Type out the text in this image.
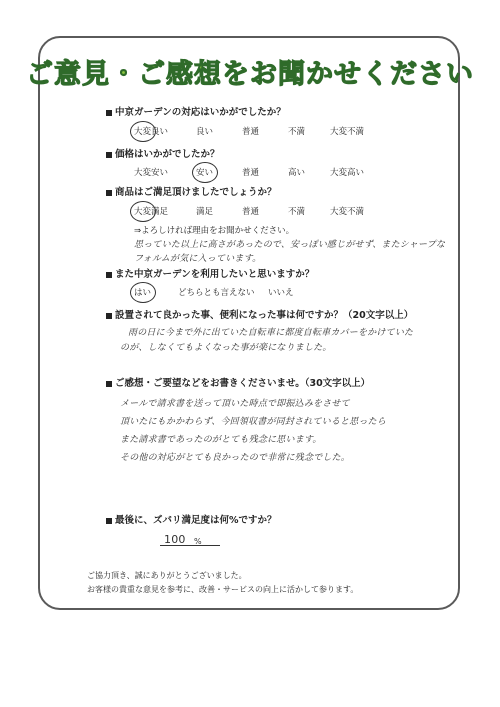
ご意見・ご感想をお聞かせください
中京ガーデンの対応はいかがでしたか？
大変良い	良い	普通	不満	大変不満
価格はいかがでしたか？
大変安い	安い	普通	高い	大変高い
商品はご満足頂けましたでしょうか？
大変満足	満足	普通	不満	大変不満
⇒よろしければ理由をお聞かせください。
思っていた以上に高さがあったので、安っぽい感じがせず、またシャープな
フォルムが気に入っています。
また中京ガーデンを利用したいと思いますか？
はい	どちらとも言えない いいえ
設置されて良かった事、便利になった事は何ですか？（20文字以上）
雨の日に今まで外に出ていた自転車に都度自転車カバーをかけていた
のが、しなくてもよくなった事が楽になりました。
ご感想・ご要望などをお書きくださいませ。（30文字以上）
メールで請求書を送って頂いた時点で即振込みをさせて
頂いたにもかかわらず、今回領収書が同封されていると思ったら
また請求書であったのがとても残念に思います。
その他の対応がとても良かったので非常に残念でした。
最後に、ズバリ満足度は何%ですか？
100 %
ご協力頂き、誠にありがとうございました。
お客様の貴重な意見を参考に、改善・サービスの向上に活かして参ります。
